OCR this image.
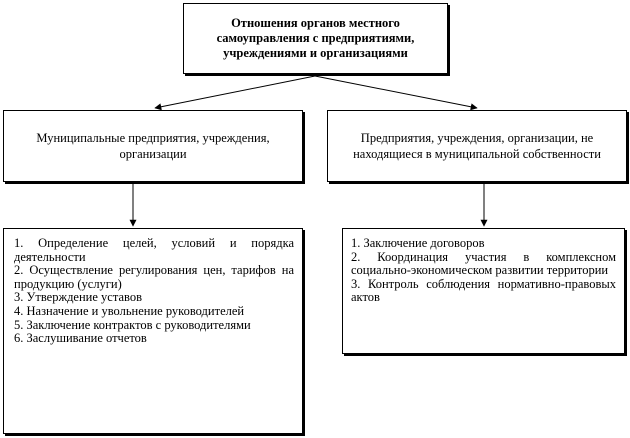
Отношения органов местного самоуправления с предприятиями, учреждениями и организациями
Муниципальные предприятия, учреждения, организации
Предприятия, учреждения, организации, не находящиеся в муниципальной собственности
1. Определение целей, условий и порядка деятельности
2. Осуществление регулирования цен, тарифов на продукцию (услуги)
3. Утверждение уставов
4. Назначение и увольнение руководителей
5. Заключение контрактов с руководителями
6. Заслушивание отчетов
1. Заключение договоров
2. Координация участия в комплексном социально-экономическом развитии территории
3. Контроль соблюдения нормативно-правовых актов
